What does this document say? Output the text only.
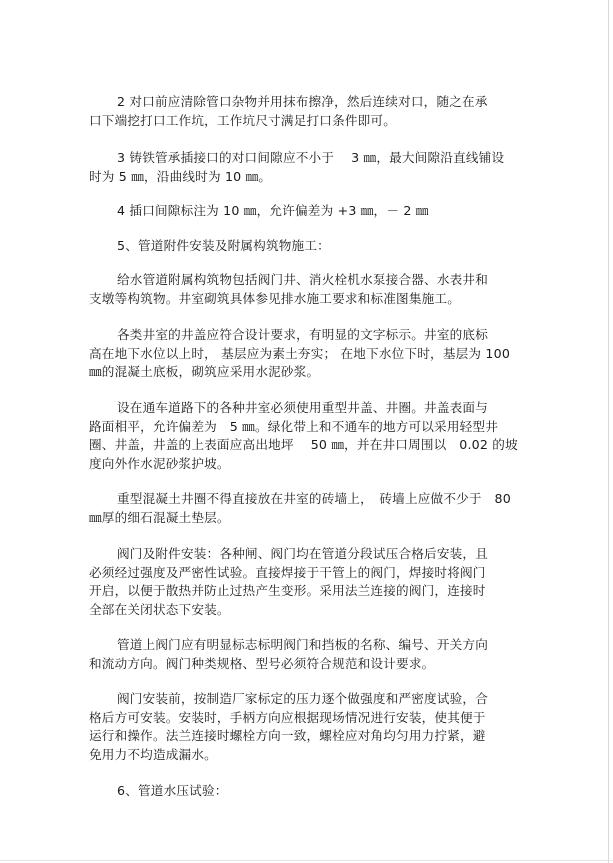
2 对口前应清除管口杂物并用抹布擦净，然后连续对口，随之在承
口下端挖打口工作坑，工作坑尺寸满足打口条件即可。
3 铸铁管承插接口的对口间隙应不小于　 3 ㎜，最大间隙沿直线铺设
时为 5 ㎜，沿曲线时为 10 ㎜。
4 插口间隙标注为 10 ㎜，允许偏差为 +3 ㎜，－ 2 ㎜
5、管道附件安装及附属构筑物施工：
给水管道附属构筑物包括阀门井、消火栓机水泵接合器、水表井和
支墩等构筑物。井室砌筑具体参见排水施工要求和标准图集施工。
各类井室的井盖应符合设计要求，有明显的文字标示。井室的底标
高在地下水位以上时， 基层应为素土夯实； 在地下水位下时，基层为 100
㎜的混凝土底板，砌筑应采用水泥砂浆。
设在通车道路下的各种井室必须使用重型井盖、井圈。井盖表面与
路面相平，允许偏差为　5 ㎜。绿化带上和不通车的地方可以采用轻型井
圈、井盖，井盖的上表面应高出地坪　 50 ㎜，并在井口周围以　0.02 的坡
度向外作水泥砂浆护坡。
重型混凝土井圈不得直接放在井室的砖墙上，　砖墙上应做不少于　80
㎜厚的细石混凝土垫层。
阀门及附件安装：各种闸、阀门均在管道分段试压合格后安装，且
必须经过强度及严密性试验。直接焊接于干管上的阀门，焊接时将阀门
开启，以便于散热并防止过热产生变形。采用法兰连接的阀门，连接时
全部在关闭状态下安装。
管道上阀门应有明显标志标明阀门和挡板的名称、编号、开关方向
和流动方向。阀门种类规格、型号必须符合规范和设计要求。
阀门安装前，按制造厂家标定的压力逐个做强度和严密度试验，合
格后方可安装。安装时，手柄方向应根据现场情况进行安装，使其便于
运行和操作。法兰连接时螺栓方向一致，螺栓应对角均匀用力拧紧，避
免用力不均造成漏水。
6、管道水压试验：
